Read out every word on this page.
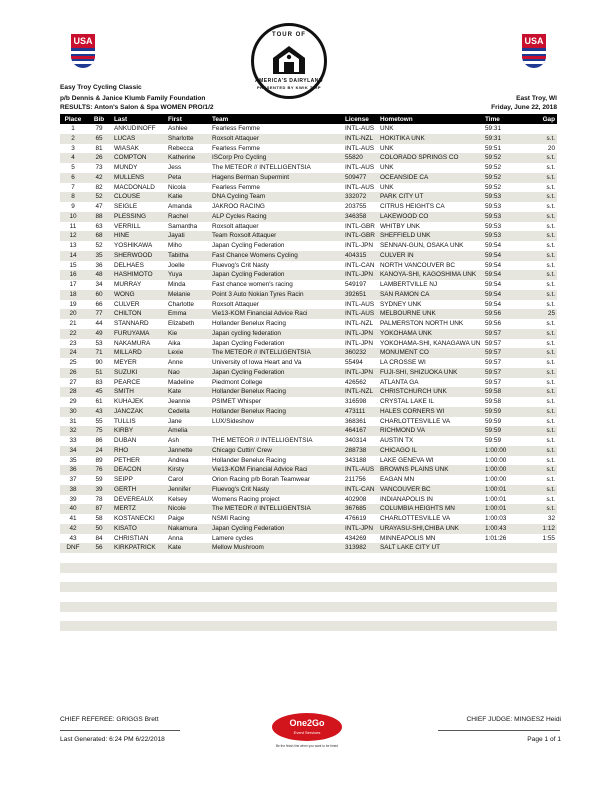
USA	USA
TOUR OF
AMERICA'S DAIRYLAND
PRESENTED BY KWIK TRIP
Easy Troy Cycling Classic
p/b Dennis & Janice Klumb Family Foundation
RESULTS: Anton's Salon & Spa WOMEN PRO/1/2
East Troy, WI
Friday, June 22, 2018
Place	Bib	Last	First	Team	License	Hometown	Time	Gap
1	79	ANKUDINOFF	Ashlee	Fearless Femme	INTL-AUS	UNK	59:31	
2	65	LUCAS	Sharlotte	Roxsolt Attaquer	INTL-NZL	HOKITIKA UNK	59:31	s.t.
3	81	WIASAK	Rebecca	Fearless Femme	INTL-AUS	UNK	59:51	20
4	26	COMPTON	Katherine	ISCorp Pro Cycling	55820	COLORADO SPRINGS CO	59:52	s.t.
5	73	MUNDY	Jess	The METEOR // INTELLIGENTSIA	INTL-AUS	UNK	59:52	s.t.
6	42	MULLENS	Peta	Hagens Berman Supermint	509477	OCEANSIDE CA	59:52	s.t.
7	82	MACDONALD	Nicola	Fearless Femme	INTL-AUS	UNK	59:52	s.t.
8	52	CLOUSE	Katie	DNA Cycling Team	332072	PARK CITY UT	59:53	s.t.
9	47	SEIGLE	Amanda	JAKROO RACING	203755	CITRUS HEIGHTS CA	59:53	s.t.
10	88	PLESSING	Rachel	ALP Cycles Racing	346358	LAKEWOOD CO	59:53	s.t.
11	63	VERRILL	Samantha	Roxsolt attaquer	INTL-GBR	WHITBY UNK	59:53	s.t.
12	68	HINE	Jayati	Team Roxsolt Attaquer	INTL-GBR	SHEFFIELD UNK	59:53	s.t.
13	52	YOSHIKAWA	Miho	Japan Cycling Federation	INTL-JPN	SENNAN-GUN, OSAKA UNK	59:54	s.t.
14	35	SHERWOOD	Tabitha	Fast Chance Womens Cycling	404315	CULVER IN	59:54	s.t.
15	36	DELHAES	Joelle	Fluevog's Crit Nasty	INTL-CAN	NORTH VANCOUVER BC	59:54	s.t.
16	48	HASHIMOTO	Yuya	Japan Cycling Federation	INTL-JPN	KANOYA-SHI, KAGOSHIMA UNK	59:54	s.t.
17	34	MURRAY	Minda	Fast chance women's racing	549197	LAMBERTVILLE NJ	59:54	s.t.
18	60	WONG	Melanie	Point 3 Auto Nokian Tyres Racin	392651	SAN RAMON CA	59:54	s.t.
19	66	CULVER	Charlotte	Roxsolt Attaquer	INTL-AUS	SYDNEY UNK	59:54	s.t.
20	77	CHILTON	Emma	Vie13-KOM Financial Advice Raci	INTL-AUS	MELBOURNE UNK	59:56	25
21	44	STANNARD	Elizabeth	Hollander Benelux Racing	INTL-NZL	PALMERSTON NORTH UNK	59:56	s.t.
22	49	FURUYAMA	Kie	Japan cycling federation	INTL-JPN	YOKOHAMA UNK	59:57	s.t.
23	53	NAKAMURA	Aika	Japan Cycling Federation	INTL-JPN	YOKOHAMA-SHI, KANAGAWA UN	59:57	s.t.
24	71	MILLARD	Lexie	The METEOR // INTELLIGENTSIA	360232	MONUMENT CO	59:57	s.t.
25	90	MEYER	Anne	University of Iowa Heart and Va	55494	LA CROSSE WI	59:57	s.t.
26	51	SUZUKI	Nao	Japan Cycling Federation	INTL-JPN	FUJI-SHI, SHIZUOKA UNK	59:57	s.t.
27	83	PEARCE	Madeline	Piedmont College	426562	ATLANTA GA	59:57	s.t.
28	45	SMITH	Kate	Hollander Benelux Racing	INTL-NZL	CHRISTCHURCH UNK	59:58	s.t.
29	61	KUHAJEK	Jeannie	PSIMET Whisper	316598	CRYSTAL LAKE IL	59:58	s.t.
30	43	JANCZAK	Cedella	Hollander Benelux Racing	473111	HALES CORNERS WI	59:59	s.t.
31	55	TULLIS	Jane	LUX/Sideshow	368361	CHARLOTTESVILLE VA	59:59	s.t.
32	75	KIRBY	Amelia		464167	RICHMOND VA	59:59	s.t.
33	86	DUBAN	Ash	THE METEOR // INTELLIGENTSIA	340314	AUSTIN TX	59:59	s.t.
34	24	RHO	Jannette	Chicago Cuttin' Crew	288738	CHICAGO IL	1:00:00	s.t.
35	89	PETHER	Andrea	Hollander Benelux Racing	343188	LAKE GENEVA WI	1:00:00	s.t.
36	76	DEACON	Kirsty	Vie13-KOM Financial Advice Raci	INTL-AUS	BROWNS PLAINS UNK	1:00:00	s.t.
37	59	SEIPP	Carol	Orion Racing p/b Borah Teamwear	211756	EAGAN MN	1:00:00	s.t.
38	39	GERTH	Jennifer	Fluevog's Crit Nasty	INTL-CAN	VANCOUVER BC	1:00:01	s.t.
39	78	DEVEREAUX	Kelsey	Womens Racing project	402908	INDIANAPOLIS IN	1:00:01	s.t.
40	87	MERTZ	Nicole	The METEOR // INTELLIGENTSIA	367685	COLUMBIA HEIGHTS MN	1:00:01	s.t.
41	58	KOSTANECKI	Paige	NSMI Racing	476619	CHARLOTTESVILLE VA	1:00:03	32
42	50	KISATO	Nakamura	Japan Cycling Federation	INTL-JPN	URAYASU-SHI,CHIBA UNK	1:00:43	1:12
43	84	CHRISTIAN	Anna	Lamere cycles	434269	MINNEAPOLIS MN	1:01:26	1:55
DNF	56	KIRKPATRICK	Kate	Mellow Mushroom	313982	SALT LAKE CITY UT		

CHIEF REFEREE: GRIGGS Brett	CHIEF JUDGE: MINGESZ Heidi
Last Generated: 6:24 PM 6/22/2018	Page 1 of 1
One2Go
Event Services
Be the finish line when you want to be timed
